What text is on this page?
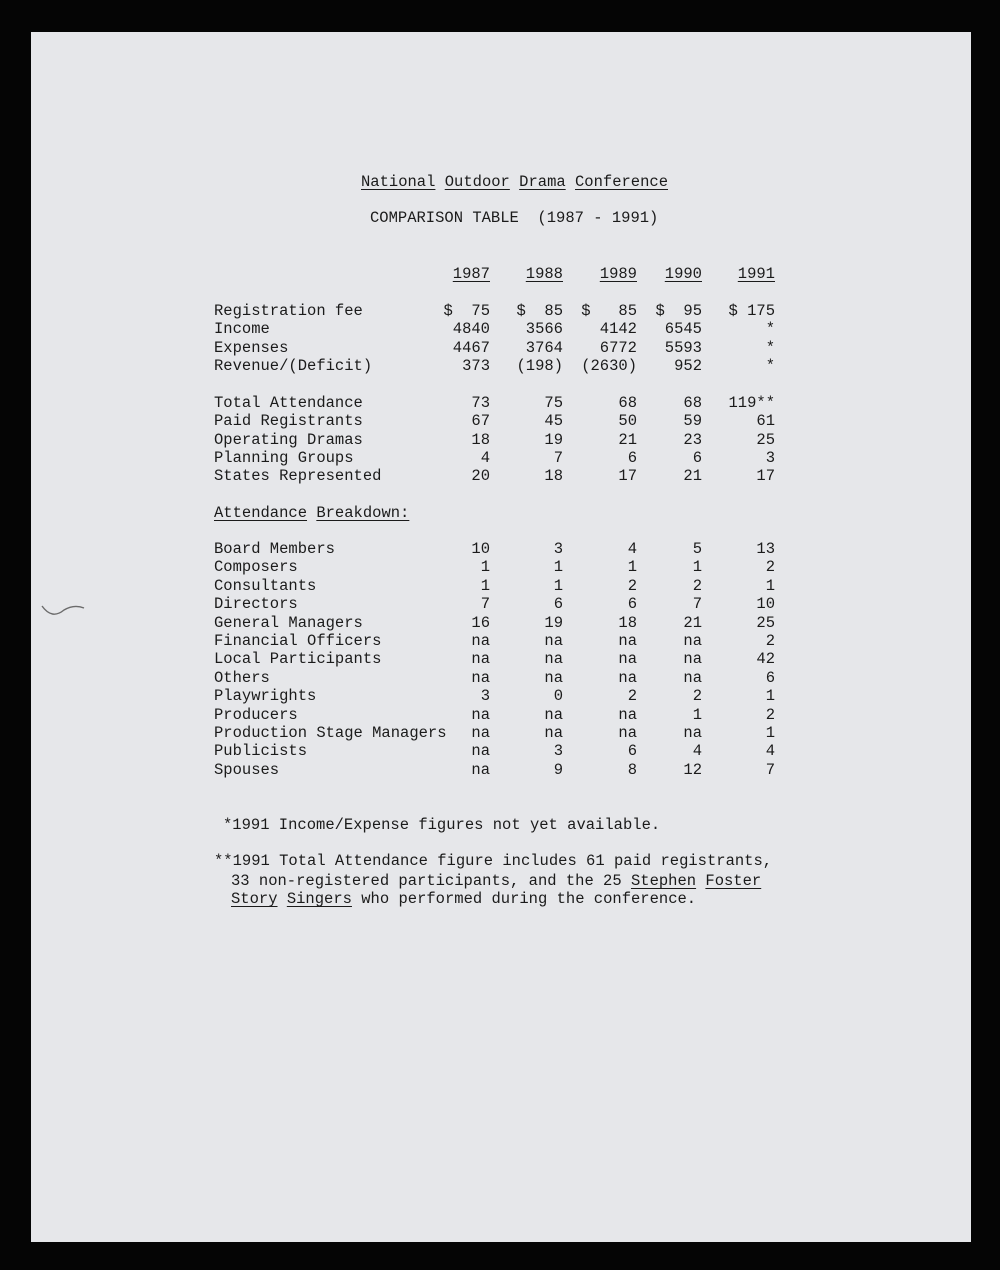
National Outdoor Drama Conference
COMPARISON TABLE  (1987 - 1991)
1987	1988	1989	1990	1991
Registration fee	$  75	$  85	$   85	$  95	$ 175
Income	4840	3566	4142	6545	*
Expenses	4467	3764	6772	5593	*
Revenue/(Deficit)	373	(198)	(2630)	952	*
Total Attendance	73	75	68	68	119**
Paid Registrants	67	45	50	59	61
Operating Dramas	18	19	21	23	25
Planning Groups	4	7	6	6	3
States Represented	20	18	17	21	17
Attendance Breakdown:
Board Members	10	3	4	5	13
Composers	1	1	1	1	2
Consultants	1	1	2	2	1
Directors	7	6	6	7	10
General Managers	16	19	18	21	25
Financial Officers	na	na	na	na	2
Local Participants	na	na	na	na	42
Others	na	na	na	na	6
Playwrights	3	0	2	2	1
Producers	na	na	na	1	2
Production Stage Managers	na	na	na	na	1
Publicists	na	3	6	4	4
Spouses	na	9	8	12	7
*1991 Income/Expense figures not yet available.
**1991 Total Attendance figure includes 61 paid registrants,
33 non-registered participants, and the 25 Stephen Foster
Story Singers who performed during the conference.
